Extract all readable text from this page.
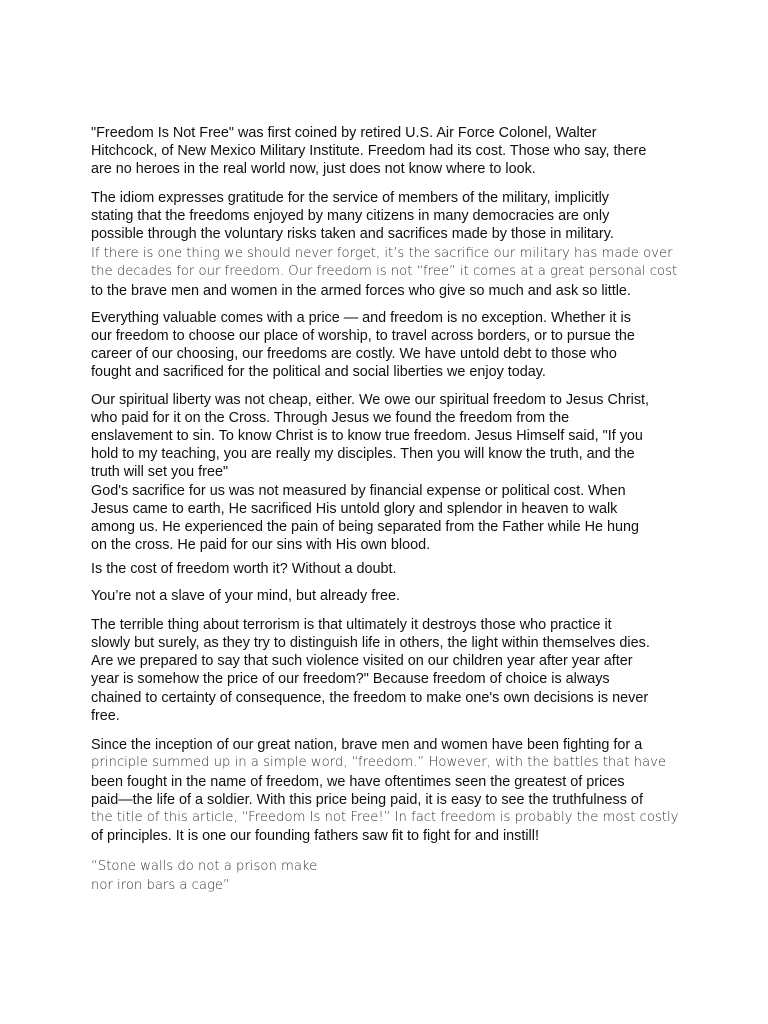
"Freedom Is Not Free" was first coined by retired U.S. Air Force Colonel, Walter
Hitchcock, of New Mexico Military Institute. Freedom had its cost. Those who say, there
are no heroes in the real world now, just does not know where to look.

The idiom expresses gratitude for the service of members of the military, implicitly
stating that the freedoms enjoyed by many citizens in many democracies are only
possible through the voluntary risks taken and sacrifices made by those in military.

If there is one thing we should never forget, it’s the sacrifice our military has made over
the decades for our freedom. Our freedom is not “free” it comes at a great personal cost
to the brave men and women in the armed forces who give so much and ask so little.

Everything valuable comes with a price — and freedom is no exception. Whether it is
our freedom to choose our place of worship, to travel across borders, or to pursue the
career of our choosing, our freedoms are costly. We have untold debt to those who
fought and sacrificed for the political and social liberties we enjoy today.

Our spiritual liberty was not cheap, either. We owe our spiritual freedom to Jesus Christ,
who paid for it on the Cross. Through Jesus we found the freedom from the
enslavement to sin. To know Christ is to know true freedom. Jesus Himself said, "If you
hold to my teaching, you are really my disciples. Then you will know the truth, and the
truth will set you free"
God's sacrifice for us was not measured by financial expense or political cost. When
Jesus came to earth, He sacrificed His untold glory and splendor in heaven to walk
among us. He experienced the pain of being separated from the Father while He hung
on the cross. He paid for our sins with His own blood.

Is the cost of freedom worth it? Without a doubt.

You’re not a slave of your mind, but already free.

The terrible thing about terrorism is that ultimately it destroys those who practice it
slowly but surely, as they try to distinguish life in others, the light within themselves dies.
Are we prepared to say that such violence visited on our children year after year after
year is somehow the price of our freedom?" Because freedom of choice is always
chained to certainty of consequence, the freedom to make one's own decisions is never
free.

Since the inception of our great nation, brave men and women have been fighting for a
principle summed up in a simple word, “freedom.” However, with the battles that have
been fought in the name of freedom, we have oftentimes seen the greatest of prices
paid—the life of a soldier. With this price being paid, it is easy to see the truthfulness of
the title of this article, “Freedom Is not Free!” In fact freedom is probably the most costly
of principles. It is one our founding fathers saw fit to fight for and instill!

“Stone walls do not a prison make
nor iron bars a cage”
